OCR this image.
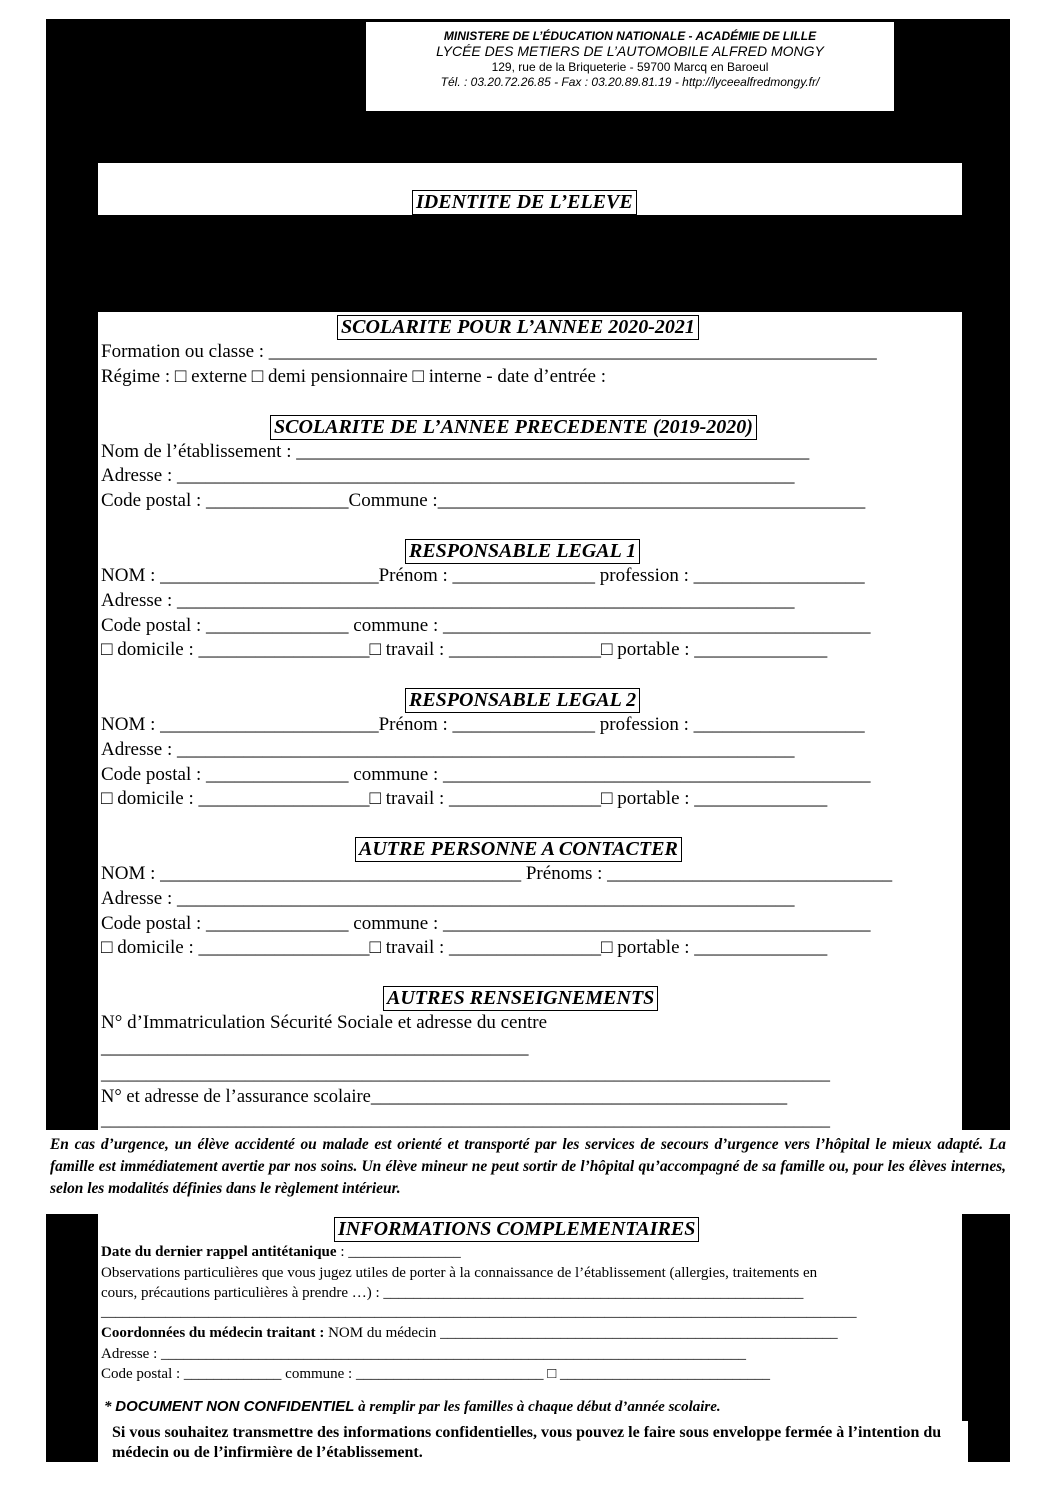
MINISTERE DE L’ÉDUCATION NATIONALE - ACADÉMIE DE LILLE
LYCÉE DES METIERS DE L’AUTOMOBILE ALFRED MONGY
129, rue de la Briqueterie - 59700 Marcq en Baroeul
Tél. : 03.20.72.26.85 - Fax : 03.20.89.81.19 - http://lyceealfredmongy.fr/
IDENTITE DE L’ELEVE
SCOLARITE POUR L’ANNEE 2020-2021
Formation ou classe : ________________________________________________________________
Régime : □ externe □ demi pensionnaire □ interne - date d’entrée :
SCOLARITE DE L’ANNEE PRECEDENTE (2019-2020)
Nom de l’établissement : ______________________________________________________
Adresse : _________________________________________________________________
Code postal : _______________Commune :_____________________________________________
RESPONSABLE LEGAL 1
NOM : _______________________Prénom : _______________ profession : __________________
Adresse : _________________________________________________________________
Code postal : _______________ commune : _____________________________________________
□ domicile : __________________□ travail : ________________□ portable : ______________
RESPONSABLE LEGAL 2
NOM : _______________________Prénom : _______________ profession : __________________
Adresse : _________________________________________________________________
Code postal : _______________ commune : _____________________________________________
□ domicile : __________________□ travail : ________________□ portable : ______________
AUTRE PERSONNE A CONTACTER
NOM : ______________________________________ Prénoms : ______________________________
Adresse : _________________________________________________________________
Code postal : _______________ commune : _____________________________________________
□ domicile : __________________□ travail : ________________□ portable : ______________
AUTRES RENSEIGNEMENTS
N° d’Immatriculation Sécurité Sociale et adresse du centre
_____________________________________________
_________________________________________________________________________________
N° et adresse de l’assurance scolaire_____________________________________________
_________________________________________________________________________________
En cas d’urgence, un élève accidenté ou malade est orienté et transporté par les services de secours d’urgence vers l’hôpital le mieux adapté. La famille est immédiatement avertie par nos soins. Un élève mineur ne peut sortir de l’hôpital qu’accompagné de sa famille ou, pour les élèves internes, selon les modalités définies dans le règlement intérieur.
INFORMATIONS COMPLEMENTAIRES
Date du dernier rappel antitétanique : _______________
Observations particulières que vous jugez utiles de porter à la connaissance de l’établissement (allergies, traitements en
cours, précautions particulières à prendre …) : ________________________________________________________
_________________________________________________________________________________________________________
Coordonnées du médecin traitant : NOM du médecin _____________________________________________________
Adresse : ______________________________________________________________________________
Code postal : _____________ commune : _________________________ □ ____________________________
* DOCUMENT NON CONFIDENTIEL à remplir par les familles à chaque début d’année scolaire.
Si vous souhaitez transmettre des informations confidentielles, vous pouvez le faire sous enveloppe fermée à l’intention du médecin ou de l’infirmière de l’établissement.
